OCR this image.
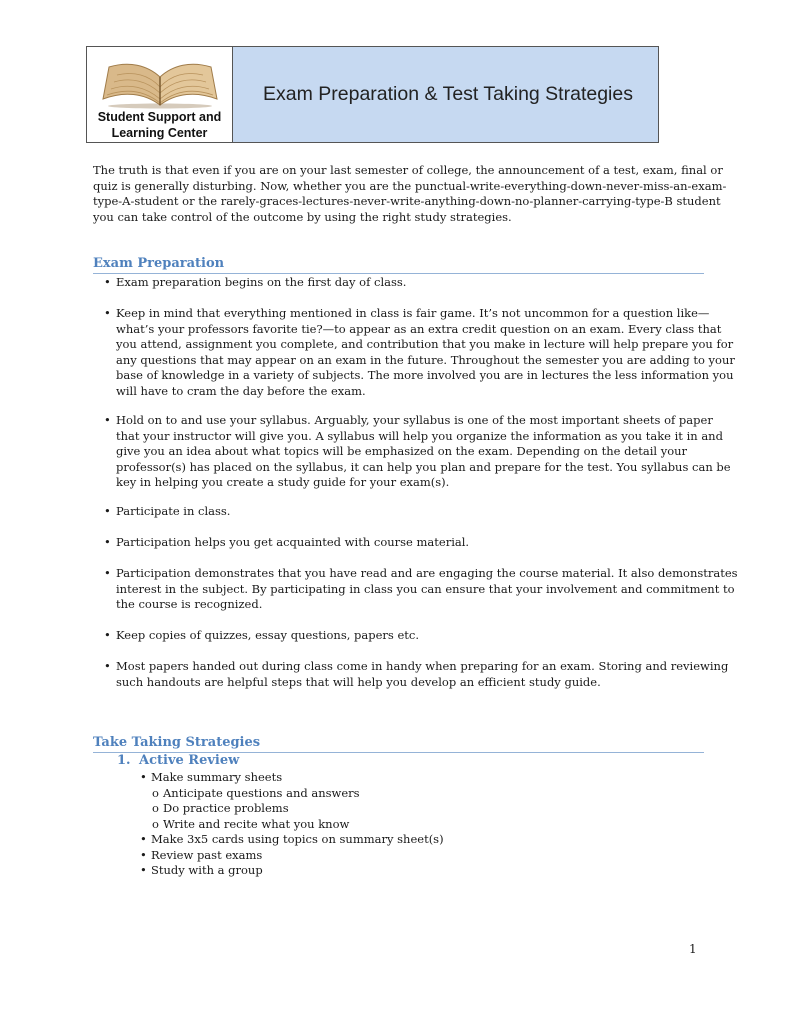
Student Support and
Learning Center
Exam Preparation & Test Taking Strategies
The truth is that even if you are on your last semester of college, the announcement of a test, exam, final or
quiz is generally disturbing. Now, whether you are the punctual-write-everything-down-never-miss-an-exam-
type-A-student or the rarely-graces-lectures-never-write-anything-down-no-planner-carrying-type-B student
you can take control of the outcome by using the right study strategies.
Exam Preparation
• Exam preparation begins on the first day of class.
• Keep in mind that everything mentioned in class is fair game. It’s not uncommon for a question like—
what’s your professors favorite tie?—to appear as an extra credit question on an exam. Every class that
you attend, assignment you complete, and contribution that you make in lecture will help prepare you for
any questions that may appear on an exam in the future. Throughout the semester you are adding to your
base of knowledge in a variety of subjects. The more involved you are in lectures the less information you
will have to cram the day before the exam.
• Hold on to and use your syllabus. Arguably, your syllabus is one of the most important sheets of paper
that your instructor will give you. A syllabus will help you organize the information as you take it in and
give you an idea about what topics will be emphasized on the exam. Depending on the detail your
professor(s) has placed on the syllabus, it can help you plan and prepare for the test. You syllabus can be
key in helping you create a study guide for your exam(s).
• Participate in class.
• Participation helps you get acquainted with course material.
• Participation demonstrates that you have read and are engaging the course material. It also demonstrates
interest in the subject. By participating in class you can ensure that your involvement and commitment to
the course is recognized.
• Keep copies of quizzes, essay questions, papers etc.
• Most papers handed out during class come in handy when preparing for an exam. Storing and reviewing
such handouts are helpful steps that will help you develop an efficient study guide.
Take Taking Strategies
1. Active Review
• Make summary sheets
o Anticipate questions and answers
o Do practice problems
o Write and recite what you know
• Make 3x5 cards using topics on summary sheet(s)
• Review past exams
• Study with a group
1
